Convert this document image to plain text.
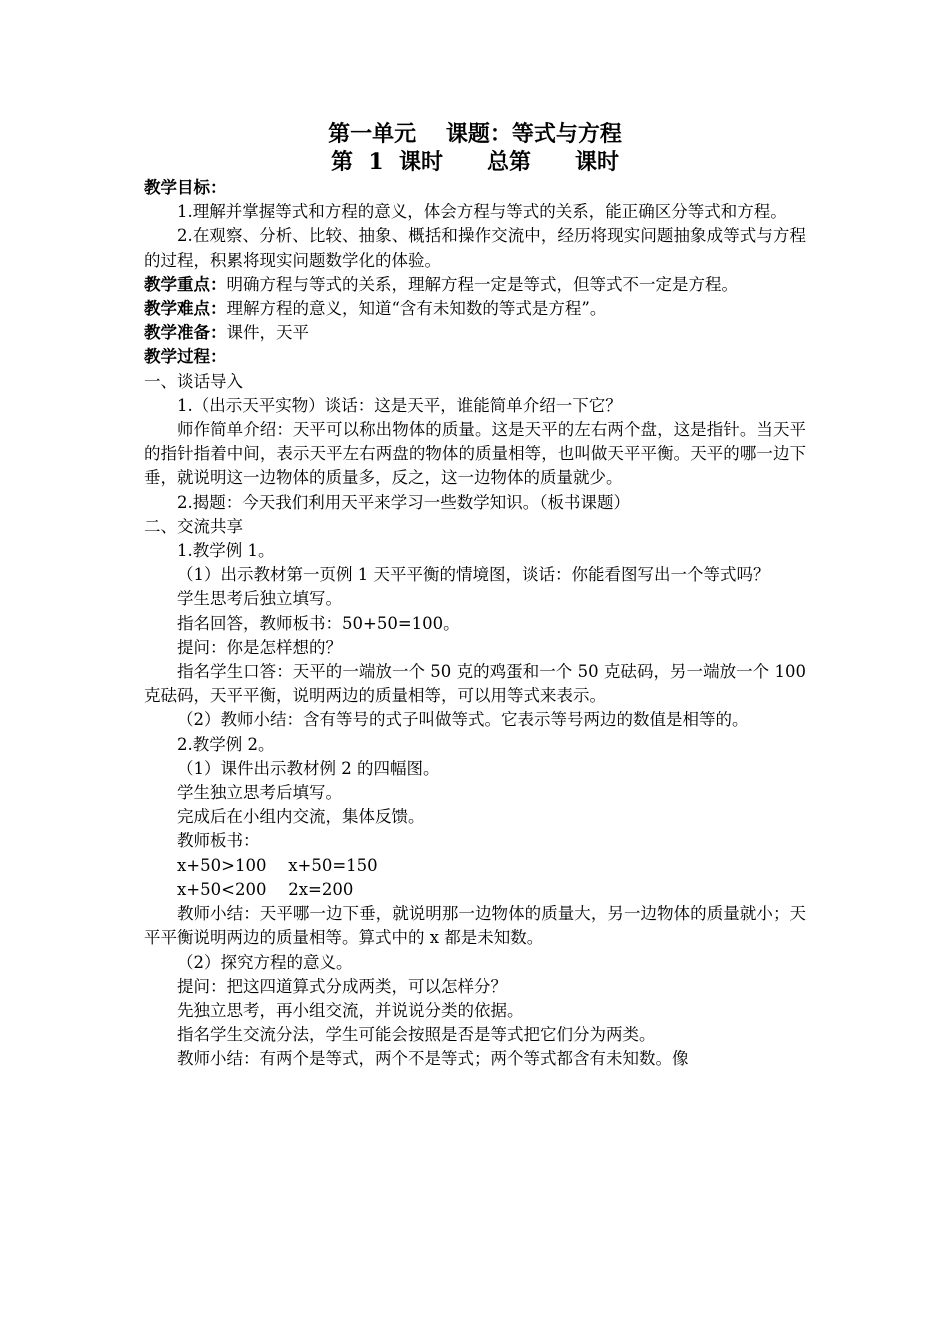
第一单元　 课题：等式与方程

第  1  课时　　总第　　课时

教学目标：

1.理解并掌握等式和方程的意义，体会方程与等式的关系，能正确区分等式和方程。

2.在观察、分析、比较、抽象、概括和操作交流中，经历将现实问题抽象成等式与方程的过程，积累将现实问题数学化的体验。

教学重点：明确方程与等式的关系，理解方程一定是等式，但等式不一定是方程。

教学难点：理解方程的意义，知道“含有未知数的等式是方程”。

教学准备：课件，天平

教学过程：

一、谈话导入

1.（出示天平实物）谈话：这是天平，谁能简单介绍一下它？

师作简单介绍：天平可以称出物体的质量。这是天平的左右两个盘，这是指针。当天平的指针指着中间，表示天平左右两盘的物体的质量相等，也叫做天平平衡。天平的哪一边下垂，就说明这一边物体的质量多，反之，这一边物体的质量就少。

2.揭题：今天我们利用天平来学习一些数学知识。（板书课题）

二、交流共享

1.教学例 1。

（1）出示教材第一页例 1 天平平衡的情境图，谈话：你能看图写出一个等式吗？

学生思考后独立填写。

指名回答，教师板书：50+50=100。

提问：你是怎样想的？

指名学生口答：天平的一端放一个 50 克的鸡蛋和一个 50 克砝码，另一端放一个 100 克砝码，天平平衡，说明两边的质量相等，可以用等式来表示。

（2）教师小结：含有等号的式子叫做等式。它表示等号两边的数值是相等的。

2.教学例 2。

（1）课件出示教材例 2 的四幅图。

学生独立思考后填写。

完成后在小组内交流，集体反馈。

教师板书：

x+50>100　 x+50=150

x+50<200　 2x=200

教师小结：天平哪一边下垂，就说明那一边物体的质量大，另一边物体的质量就小；天平平衡说明两边的质量相等。算式中的 x 都是未知数。

（2）探究方程的意义。

提问：把这四道算式分成两类，可以怎样分？

先独立思考，再小组交流，并说说分类的依据。

指名学生交流分法，学生可能会按照是否是等式把它们分为两类。

教师小结：有两个是等式，两个不是等式；两个等式都含有未知数。像
